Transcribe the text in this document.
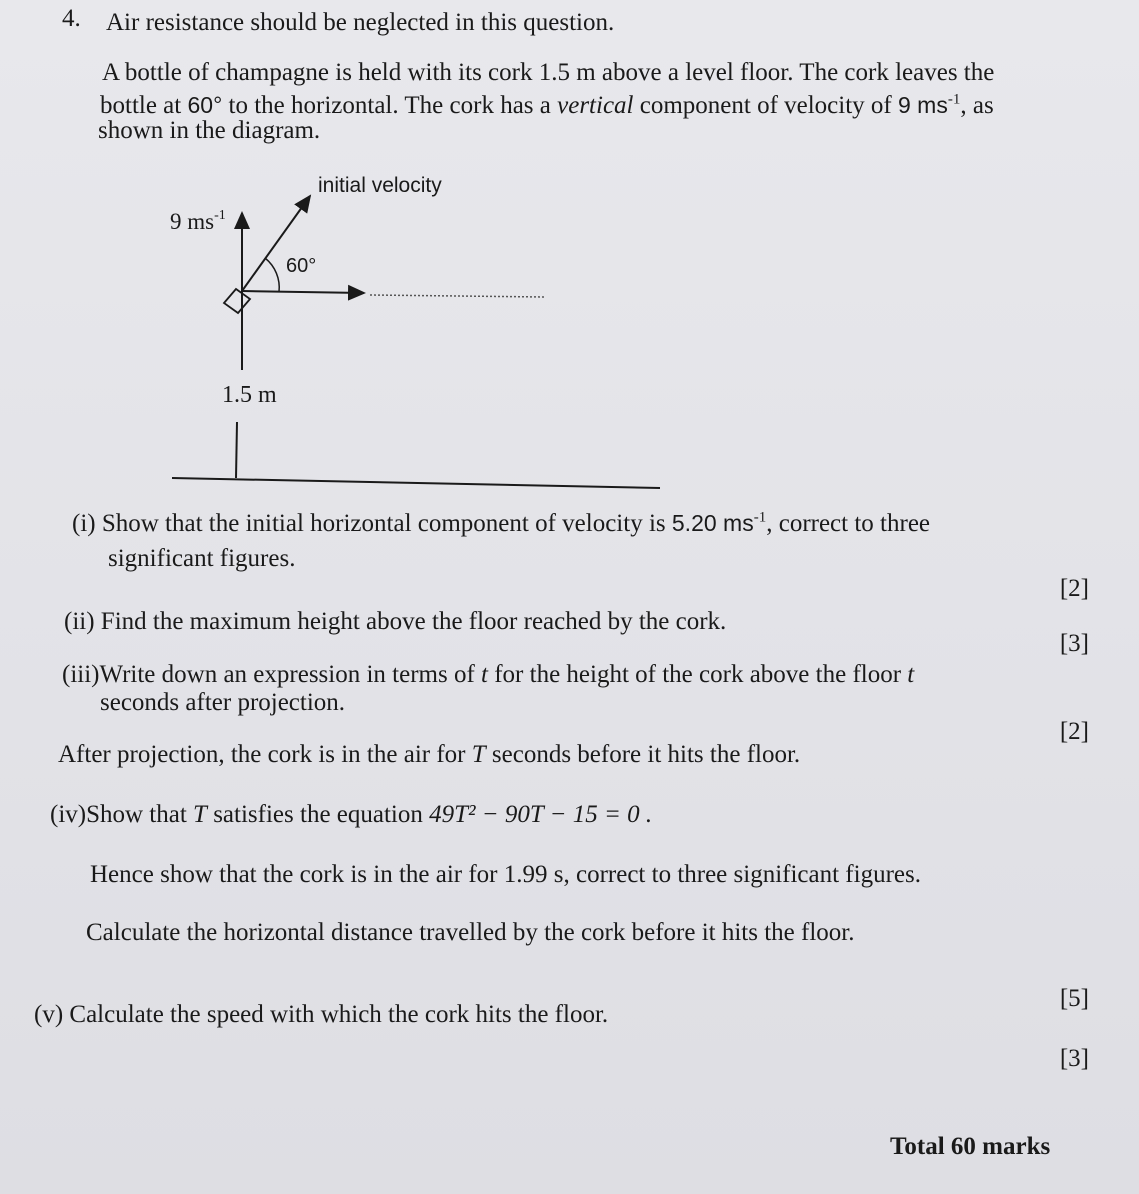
4. Air resistance should be neglected in this question.
A bottle of champagne is held with its cork 1.5 m above a level floor. The cork leaves the
bottle at 60° to the horizontal. The cork has a vertical component of velocity of 9 $ms^{-1}$, as
shown in the diagram.
initial velocity
9 $ms^{-1}$
60°
1.5 m
(i) Show that the initial horizontal component of velocity is 5.20 $ms^{-1}$, correct to three
significant figures.
[2]
(ii) Find the maximum height above the floor reached by the cork.
[3]
(iii)Write down an expression in terms of t for the height of the cork above the floor t
seconds after projection.
[2]
After projection, the cork is in the air for T seconds before it hits the floor.
(iv)Show that T satisfies the equation 49T² − 90T − 15 = 0 .
Hence show that the cork is in the air for 1.99 s, correct to three significant figures.
Calculate the horizontal distance travelled by the cork before it hits the floor.
[5]
(v) Calculate the speed with which the cork hits the floor.
[3]
Total 60 marks
